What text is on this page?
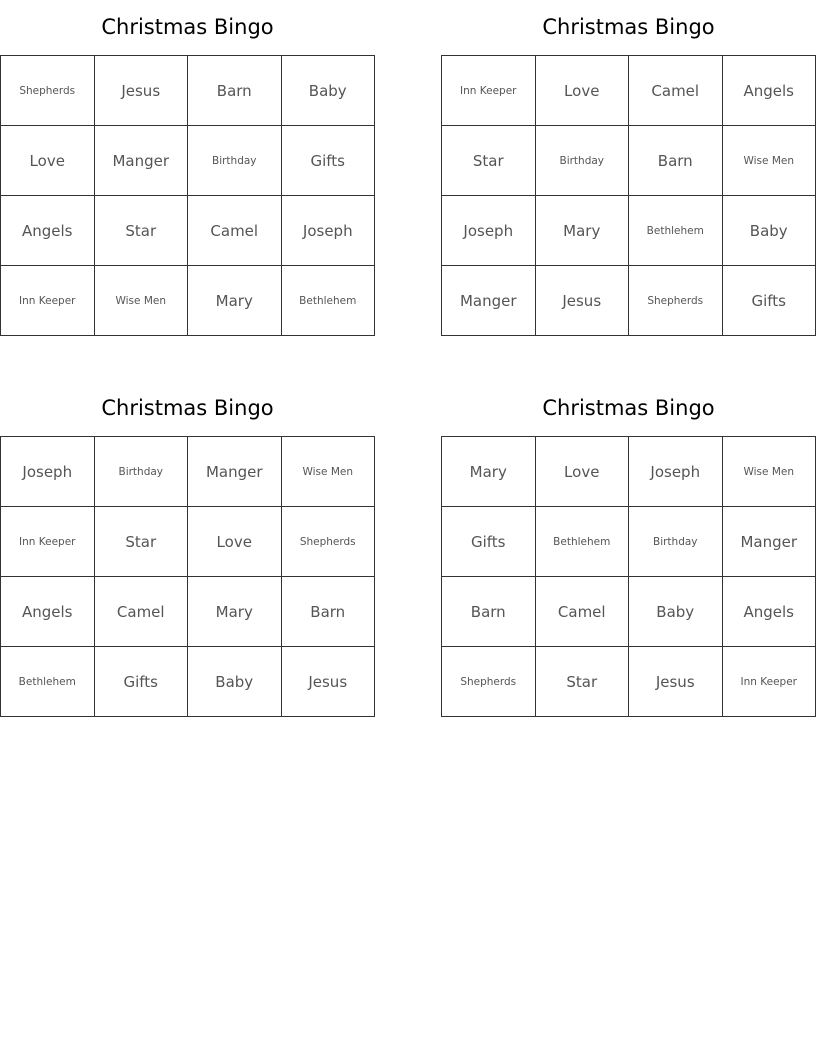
Christmas Bingo
Shepherds	Jesus	Barn	Baby
Love	Manger	Birthday	Gifts
Angels	Star	Camel	Joseph
Inn Keeper	Wise Men	Mary	Bethlehem
Christmas Bingo
Inn Keeper	Love	Camel	Angels
Star	Birthday	Barn	Wise Men
Joseph	Mary	Bethlehem	Baby
Manger	Jesus	Shepherds	Gifts
Christmas Bingo
Joseph	Birthday	Manger	Wise Men
Inn Keeper	Star	Love	Shepherds
Angels	Camel	Mary	Barn
Bethlehem	Gifts	Baby	Jesus
Christmas Bingo
Mary	Love	Joseph	Wise Men
Gifts	Bethlehem	Birthday	Manger
Barn	Camel	Baby	Angels
Shepherds	Star	Jesus	Inn Keeper
